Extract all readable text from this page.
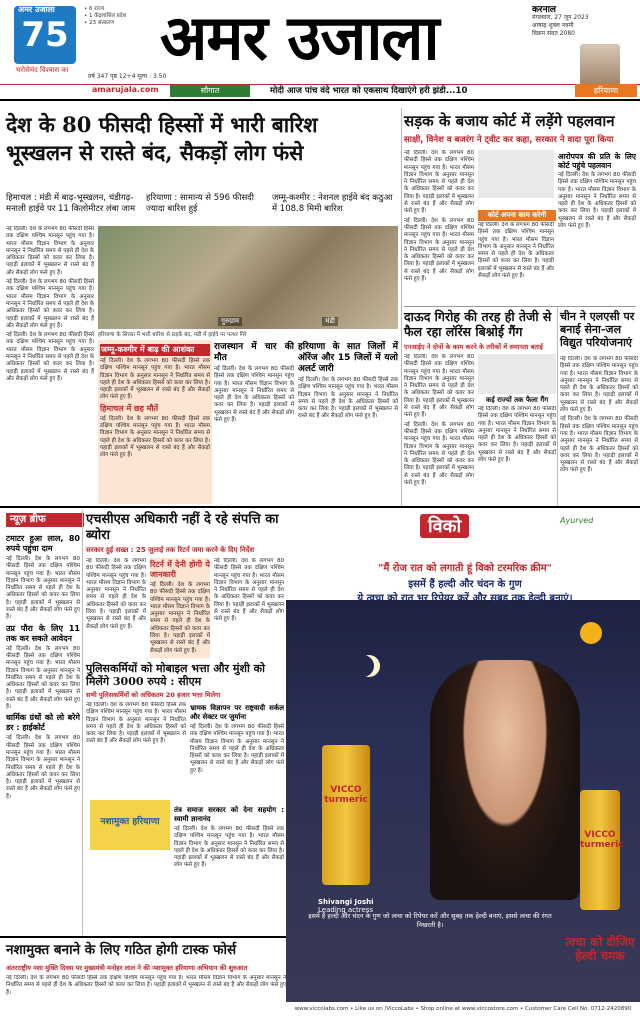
अमर उजाला
75
भरोसेमंद विश्वास का
• 6 राज्य
• 1 केंद्रशासित प्रदेश
• 23 संस्करण
वर्ष 347 पृष्ठ 12+4 मूल्य : 3.50
अमर उजाला	करनाल
मंगलवार, 27 जून 2023
आषाढ़ शुक्ल नवमी
विक्रम संवत 2080
amarujala.com	सौगात	मोदी आज पांच वंदे भारत को एकसाथ दिखाएंगे हरी झंडी...10	हरियाणा
देश के 80 फीसदी हिस्सों में भारी बारिश
भूस्खलन से रास्ते बंद, सैकड़ों लोग फंसे
हिमाचल : मंडी में बाढ़-भूस्खलन, चंडीगढ़-मनाली हाईवे पर 11 किलोमीटर लंबा जाम
हरियाणा : सामान्य से 596 फीसदी ज्यादा बारिश हुई
जम्मू-कश्मीर : नेशनल हाईवे बंद कठुआ में 108.8 मिमी बारिश
गुरुग्राम	मंडी
हरियाणा के सिरसा में भारी बारिश से सड़कें बंद, मंडी में हाईवे पर पत्थर गिरे

नई दिल्ली। देश के लगभग 80 फीसदी हिस्से तक दक्षिण पश्चिम मानसून पहुंच गया है। भारत मौसम विज्ञान विभाग के अनुसार मानसून ने निर्धारित समय से पहले ही देश के अधिकतर हिस्सों को कवर कर लिया है। पहाड़ी इलाकों में भूस्खलन से रास्ते बंद हैं और सैकड़ों लोग फंसे हुए हैं।

नई दिल्ली। देश के लगभग 80 फीसदी हिस्से तक दक्षिण पश्चिम मानसून पहुंच गया है। भारत मौसम विज्ञान विभाग के अनुसार मानसून ने निर्धारित समय से पहले ही देश के अधिकतर हिस्सों को कवर कर लिया है। पहाड़ी इलाकों में भूस्खलन से रास्ते बंद हैं और सैकड़ों लोग फंसे हुए हैं।

नई दिल्ली। देश के लगभग 80 फीसदी हिस्से तक दक्षिण पश्चिम मानसून पहुंच गया है। भारत मौसम विज्ञान विभाग के अनुसार मानसून ने निर्धारित समय से पहले ही देश के अधिकतर हिस्सों को कवर कर लिया है। पहाड़ी इलाकों में भूस्खलन से रास्ते बंद हैं और सैकड़ों लोग फंसे हुए हैं।

जम्मू-कश्मीर में बाढ़ की आशंका

नई दिल्ली। देश के लगभग 80 फीसदी हिस्से तक दक्षिण पश्चिम मानसून पहुंच गया है। भारत मौसम विज्ञान विभाग के अनुसार मानसून ने निर्धारित समय से पहले ही देश के अधिकतर हिस्सों को कवर कर लिया है। पहाड़ी इलाकों में भूस्खलन से रास्ते बंद हैं और सैकड़ों लोग फंसे हुए हैं।

हिमाचल में छह मौतें

नई दिल्ली। देश के लगभग 80 फीसदी हिस्से तक दक्षिण पश्चिम मानसून पहुंच गया है। भारत मौसम विज्ञान विभाग के अनुसार मानसून ने निर्धारित समय से पहले ही देश के अधिकतर हिस्सों को कवर कर लिया है। पहाड़ी इलाकों में भूस्खलन से रास्ते बंद हैं और सैकड़ों लोग फंसे हुए हैं।

राजस्थान में चार की मौत

नई दिल्ली। देश के लगभग 80 फीसदी हिस्से तक दक्षिण पश्चिम मानसून पहुंच गया है। भारत मौसम विज्ञान विभाग के अनुसार मानसून ने निर्धारित समय से पहले ही देश के अधिकतर हिस्सों को कवर कर लिया है। पहाड़ी इलाकों में भूस्खलन से रास्ते बंद हैं और सैकड़ों लोग फंसे हुए हैं।

हरियाणा के सात जिलों में ऑरेंज और 15 जिलों में यलो अलर्ट जारी

नई दिल्ली। देश के लगभग 80 फीसदी हिस्से तक दक्षिण पश्चिम मानसून पहुंच गया है। भारत मौसम विज्ञान विभाग के अनुसार मानसून ने निर्धारित समय से पहले ही देश के अधिकतर हिस्सों को कवर कर लिया है। पहाड़ी इलाकों में भूस्खलन से रास्ते बंद हैं और सैकड़ों लोग फंसे हुए हैं।

सड़क के बजाय कोर्ट में लड़ेंगे पहलवान
साक्षी, विनेश व बजरंग ने ट्वीट कर कहा, सरकार ने वादा पूरा किया

नई दिल्ली। देश के लगभग 80 फीसदी हिस्से तक दक्षिण पश्चिम मानसून पहुंच गया है। भारत मौसम विज्ञान विभाग के अनुसार मानसून ने निर्धारित समय से पहले ही देश के अधिकतर हिस्सों को कवर कर लिया है। पहाड़ी इलाकों में भूस्खलन से रास्ते बंद हैं और सैकड़ों लोग फंसे हुए हैं।

नई दिल्ली। देश के लगभग 80 फीसदी हिस्से तक दक्षिण पश्चिम मानसून पहुंच गया है। भारत मौसम विज्ञान विभाग के अनुसार मानसून ने निर्धारित समय से पहले ही देश के अधिकतर हिस्सों को कवर कर लिया है। पहाड़ी इलाकों में भूस्खलन से रास्ते बंद हैं और सैकड़ों लोग फंसे हुए हैं।

कोर्ट अपना काम करेगी

नई दिल्ली। देश के लगभग 80 फीसदी हिस्से तक दक्षिण पश्चिम मानसून पहुंच गया है। भारत मौसम विज्ञान विभाग के अनुसार मानसून ने निर्धारित समय से पहले ही देश के अधिकतर हिस्सों को कवर कर लिया है। पहाड़ी इलाकों में भूस्खलन से रास्ते बंद हैं और सैकड़ों लोग फंसे हुए हैं।

आरोपपत्र की प्रति के लिए कोर्ट पहुंचे पहलवान

नई दिल्ली। देश के लगभग 80 फीसदी हिस्से तक दक्षिण पश्चिम मानसून पहुंच गया है। भारत मौसम विज्ञान विभाग के अनुसार मानसून ने निर्धारित समय से पहले ही देश के अधिकतर हिस्सों को कवर कर लिया है। पहाड़ी इलाकों में भूस्खलन से रास्ते बंद हैं और सैकड़ों लोग फंसे हुए हैं।

दाऊद गिरोह की तरह ही तेजी से फैल रहा लॉरेंस बिश्नोई गैंग
एनआईए ने दोनों के काम करने के तरीकों में समानता बताई

नई दिल्ली। देश के लगभग 80 फीसदी हिस्से तक दक्षिण पश्चिम मानसून पहुंच गया है। भारत मौसम विज्ञान विभाग के अनुसार मानसून ने निर्धारित समय से पहले ही देश के अधिकतर हिस्सों को कवर कर लिया है। पहाड़ी इलाकों में भूस्खलन से रास्ते बंद हैं और सैकड़ों लोग फंसे हुए हैं।

नई दिल्ली। देश के लगभग 80 फीसदी हिस्से तक दक्षिण पश्चिम मानसून पहुंच गया है। भारत मौसम विज्ञान विभाग के अनुसार मानसून ने निर्धारित समय से पहले ही देश के अधिकतर हिस्सों को कवर कर लिया है। पहाड़ी इलाकों में भूस्खलन से रास्ते बंद हैं और सैकड़ों लोग फंसे हुए हैं।

कई राज्यों तक फैला गैंग

नई दिल्ली। देश के लगभग 80 फीसदी हिस्से तक दक्षिण पश्चिम मानसून पहुंच गया है। भारत मौसम विज्ञान विभाग के अनुसार मानसून ने निर्धारित समय से पहले ही देश के अधिकतर हिस्सों को कवर कर लिया है। पहाड़ी इलाकों में भूस्खलन से रास्ते बंद हैं और सैकड़ों लोग फंसे हुए हैं।

चीन ने एलएसी पर बनाई सेना-जल विद्युत परियोजनाएं

नई दिल्ली। देश के लगभग 80 फीसदी हिस्से तक दक्षिण पश्चिम मानसून पहुंच गया है। भारत मौसम विज्ञान विभाग के अनुसार मानसून ने निर्धारित समय से पहले ही देश के अधिकतर हिस्सों को कवर कर लिया है। पहाड़ी इलाकों में भूस्खलन से रास्ते बंद हैं और सैकड़ों लोग फंसे हुए हैं।

नई दिल्ली। देश के लगभग 80 फीसदी हिस्से तक दक्षिण पश्चिम मानसून पहुंच गया है। भारत मौसम विज्ञान विभाग के अनुसार मानसून ने निर्धारित समय से पहले ही देश के अधिकतर हिस्सों को कवर कर लिया है। पहाड़ी इलाकों में भूस्खलन से रास्ते बंद हैं और सैकड़ों लोग फंसे हुए हैं।

न्यूज़ ब्रीफ
टमाटर हुआ लाल, 80 रुपये पहुंचा दाम

नई दिल्ली। देश के लगभग 80 फीसदी हिस्से तक दक्षिण पश्चिम मानसून पहुंच गया है। भारत मौसम विज्ञान विभाग के अनुसार मानसून ने निर्धारित समय से पहले ही देश के अधिकतर हिस्सों को कवर कर लिया है। पहाड़ी इलाकों में भूस्खलन से रास्ते बंद हैं और सैकड़ों लोग फंसे हुए हैं।

उप्र पौरा के लिए 11 तक कर सकते आवेदन

नई दिल्ली। देश के लगभग 80 फीसदी हिस्से तक दक्षिण पश्चिम मानसून पहुंच गया है। भारत मौसम विज्ञान विभाग के अनुसार मानसून ने निर्धारित समय से पहले ही देश के अधिकतर हिस्सों को कवर कर लिया है। पहाड़ी इलाकों में भूस्खलन से रास्ते बंद हैं और सैकड़ों लोग फंसे हुए हैं।

धार्मिक ग्रंथों को लो बरेगे डर : हाईकोर्ट

नई दिल्ली। देश के लगभग 80 फीसदी हिस्से तक दक्षिण पश्चिम मानसून पहुंच गया है। भारत मौसम विज्ञान विभाग के अनुसार मानसून ने निर्धारित समय से पहले ही देश के अधिकतर हिस्सों को कवर कर लिया है। पहाड़ी इलाकों में भूस्खलन से रास्ते बंद हैं और सैकड़ों लोग फंसे हुए हैं।

एचसीएस अधिकारी नहीं दे रहे संपत्ति का ब्योरा
सरकार हुई सख्त : 25 जुलाई तक रिटर्न जमा करने के दिए निर्देश

नई दिल्ली। देश के लगभग 80 फीसदी हिस्से तक दक्षिण पश्चिम मानसून पहुंच गया है। भारत मौसम विज्ञान विभाग के अनुसार मानसून ने निर्धारित समय से पहले ही देश के अधिकतर हिस्सों को कवर कर लिया है। पहाड़ी इलाकों में भूस्खलन से रास्ते बंद हैं और सैकड़ों लोग फंसे हुए हैं।

रिटर्न में देनी होगी ये जानकारी

नई दिल्ली। देश के लगभग 80 फीसदी हिस्से तक दक्षिण पश्चिम मानसून पहुंच गया है। भारत मौसम विज्ञान विभाग के अनुसार मानसून ने निर्धारित समय से पहले ही देश के अधिकतर हिस्सों को कवर कर लिया है। पहाड़ी इलाकों में भूस्खलन से रास्ते बंद हैं और सैकड़ों लोग फंसे हुए हैं।

नई दिल्ली। देश के लगभग 80 फीसदी हिस्से तक दक्षिण पश्चिम मानसून पहुंच गया है। भारत मौसम विज्ञान विभाग के अनुसार मानसून ने निर्धारित समय से पहले ही देश के अधिकतर हिस्सों को कवर कर लिया है। पहाड़ी इलाकों में भूस्खलन से रास्ते बंद हैं और सैकड़ों लोग फंसे हुए हैं।

पुलिसकर्मियों को मोबाइल भत्ता और मुंशी को मिलेंगे 3000 रुपये : सीएम
सभी पुलिसकर्मियों को अधिकतम 20 हजार भत्ता मिलेगा

नई दिल्ली। देश के लगभग 80 फीसदी हिस्से तक दक्षिण पश्चिम मानसून पहुंच गया है। भारत मौसम विज्ञान विभाग के अनुसार मानसून ने निर्धारित समय से पहले ही देश के अधिकतर हिस्सों को कवर कर लिया है। पहाड़ी इलाकों में भूस्खलन से रास्ते बंद हैं और सैकड़ों लोग फंसे हुए हैं।

भ्रामक विज्ञापन पर राष्ट्रवादी सर्कल और सेक्टर पर जुर्माना

नई दिल्ली। देश के लगभग 80 फीसदी हिस्से तक दक्षिण पश्चिम मानसून पहुंच गया है। भारत मौसम विज्ञान विभाग के अनुसार मानसून ने निर्धारित समय से पहले ही देश के अधिकतर हिस्सों को कवर कर लिया है। पहाड़ी इलाकों में भूस्खलन से रास्ते बंद हैं और सैकड़ों लोग फंसे हुए हैं।

नशामुक्त हरियाणा
तंत्र समाज सरकार को देना सहयोग : स्वामी ज्ञानानंद

नई दिल्ली। देश के लगभग 80 फीसदी हिस्से तक दक्षिण पश्चिम मानसून पहुंच गया है। भारत मौसम विज्ञान विभाग के अनुसार मानसून ने निर्धारित समय से पहले ही देश के अधिकतर हिस्सों को कवर कर लिया है। पहाड़ी इलाकों में भूस्खलन से रास्ते बंद हैं और सैकड़ों लोग फंसे हुए हैं।

नशामुक्त बनाने के लिए गठित होगी टास्क फोर्स
अंतरराष्ट्रीय नशा मुक्ति दिवस पर मुख्यमंत्री मनोहर लाल ने की नशामुक्त हरियाणा अभियान की शुरुआत

नई दिल्ली। देश के लगभग 80 फीसदी हिस्से तक दक्षिण पश्चिम मानसून पहुंच गया है। भारत मौसम विज्ञान विभाग के अनुसार मानसून ने निर्धारित समय से पहले ही देश के अधिकतर हिस्सों को कवर कर लिया है। पहाड़ी इलाकों में भूस्खलन से रास्ते बंद हैं और सैकड़ों लोग फंसे हुए हैं।

विको	Ayurved
"मैं रोज रात को लगाती हूं विको टरमरिक क्रीम"
इसमें हैं हल्दी और चंदन के गुण
ये त्वचा को रात भर रिपेयर करें और सुबह तक हेल्दी बनाएं।
VICCO turmeric
VICCO turmeric
Shivangi Joshi
Leading actress
इसमें हैं हल्दी और चंदन के गुण जो त्वचा को रिपेयर करें और सुबह तक हेल्दी बनाएं, इससे त्वचा की रंगत निखरती है।
त्वचा को दीजिए
हेल्दी चमक
www.viccolabs.com • Like us on /ViccoLabs • Shop online at www.viccostore.com • Customer Care Cell No. 0712-2420890
